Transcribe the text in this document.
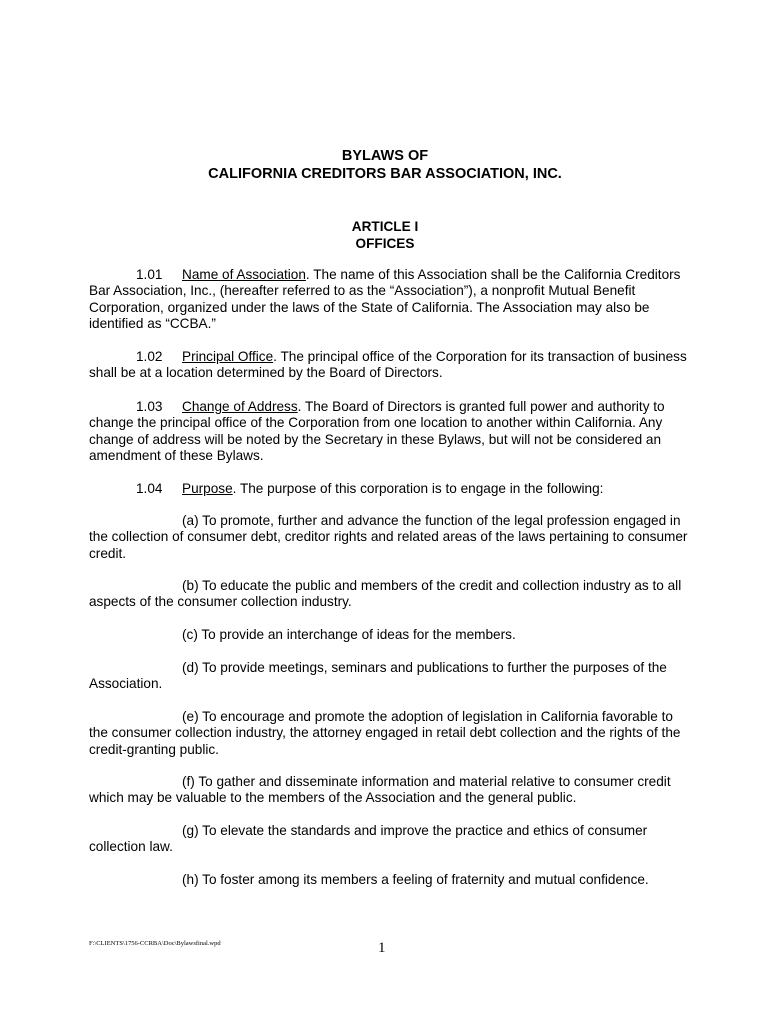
BYLAWS OF
CALIFORNIA CREDITORS BAR ASSOCIATION, INC.
ARTICLE I
OFFICES

1.01 Name of Association. The name of this Association shall be the California Creditors Bar Association, Inc., (hereafter referred to as the “Association”), a nonprofit Mutual Benefit Corporation, organized under the laws of the State of California. The Association may also be identified as “CCBA.”

1.02 Principal Office. The principal office of the Corporation for its transaction of business shall be at a location determined by the Board of Directors.

1.03 Change of Address. The Board of Directors is granted full power and authority to change the principal office of the Corporation from one location to another within California. Any change of address will be noted by the Secretary in these Bylaws, but will not be considered an amendment of these Bylaws.

1.04 Purpose. The purpose of this corporation is to engage in the following:

(a) To promote, further and advance the function of the legal profession engaged in the collection of consumer debt, creditor rights and related areas of the laws pertaining to consumer credit.

(b) To educate the public and members of the credit and collection industry as to all aspects of the consumer collection industry.

(c) To provide an interchange of ideas for the members.

(d) To provide meetings, seminars and publications to further the purposes of the Association.

(e) To encourage and promote the adoption of legislation in California favorable to the consumer collection industry, the attorney engaged in retail debt collection and the rights of the credit-granting public.

(f) To gather and disseminate information and material relative to consumer credit which may be valuable to the members of the Association and the general public.

(g) To elevate the standards and improve the practice and ethics of consumer collection law.

(h) To foster among its members a feeling of fraternity and mutual confidence.

F:\CLIENTS\1756-CCRBA\Doc\Bylawsfinal.wpd	1
